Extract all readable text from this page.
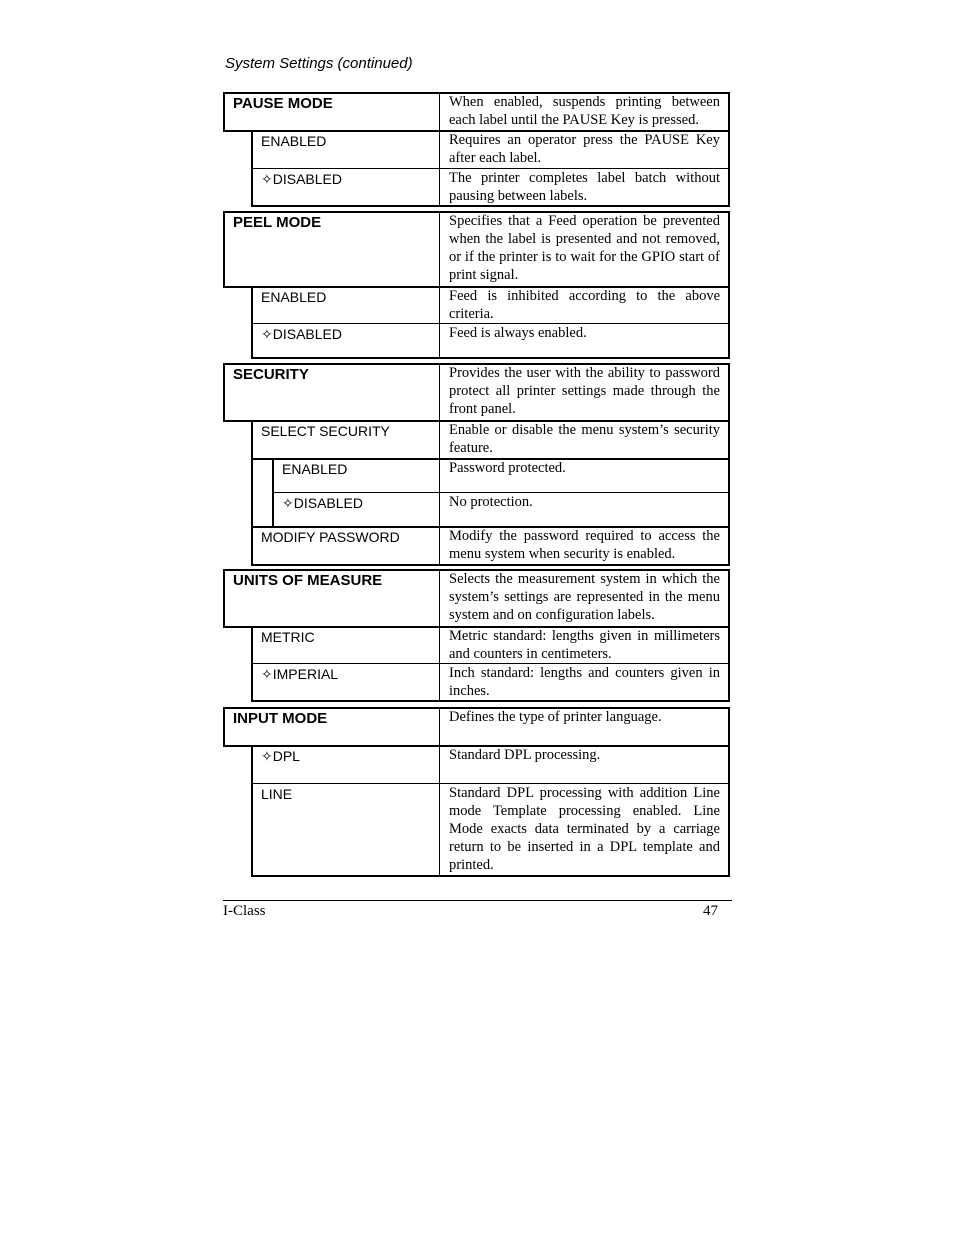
System Settings (continued)
PAUSE MODE	When enabled, suspends printing between each label until the PAUSE Key is pressed.
ENABLED	Requires an operator press the PAUSE Key after each label.
✧DISABLED	The printer completes label batch without pausing between labels.
PEEL MODE	Specifies that a Feed operation be prevented when the label is presented and not removed, or if the printer is to wait for the GPIO start of print signal.
ENABLED	Feed is inhibited according to the above criteria.
✧DISABLED	Feed is always enabled.
SECURITY	Provides the user with the ability to password protect all printer settings made through the front panel.
SELECT SECURITY	Enable or disable the menu system’s security feature.
ENABLED	Password protected.
✧DISABLED	No protection.
MODIFY PASSWORD	Modify the password required to access the menu system when security is enabled.
UNITS OF MEASURE	Selects the measurement system in which the system’s settings are represented in the menu system and on configuration labels.
METRIC	Metric standard: lengths given in millimeters and counters in centimeters.
✧IMPERIAL	Inch standard: lengths and counters given in inches.
INPUT MODE	Defines the type of printer language.
✧DPL	Standard DPL processing.
LINE	Standard DPL processing with addition Line mode Template processing enabled. Line Mode exacts data terminated by a carriage return to be inserted in a DPL template and printed.
I-Class	47
